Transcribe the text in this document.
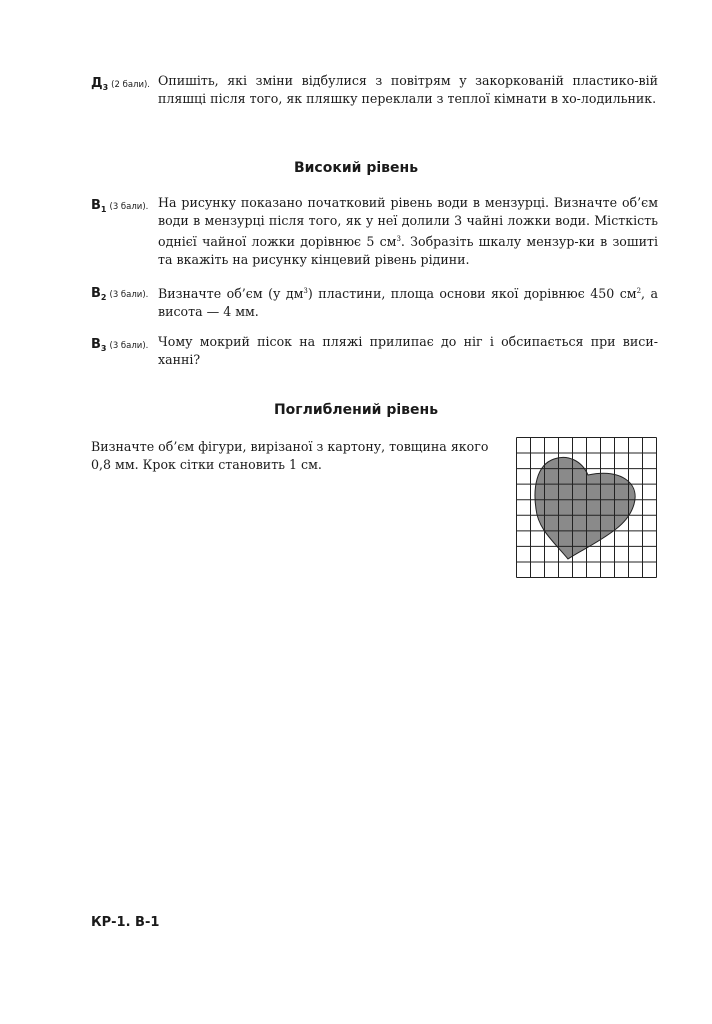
Д3 (2 бали). Опишіть, які зміни відбулися з повітрям у закоркованій пластико-вій пляшці після того, як пляшку переклали з теплої кімнати в хо-лодильник.

Високий рівень
В1 (3 бали). На рисунку показано початковий рівень води в мензурці. Визначте об’єм води в мензурці після того, як у неї долили 3 чайні ложки води. Місткість однієї чайної ложки дорівнює 5 $см^3$. Зобразіть шкалу мензур-ки в зошиті та вкажіть на рисунку кінцевий рівень рідини.

В2 (3 бали). Визначте об’єм (у $дм^3$) пластини, площа основи якої дорівнює 450 $см^2$, а висота — 4 мм.

В3 (3 бали). Чому мокрий пісок на пляжі прилипає до ніг і обсипається при виси-ханні?

Поглиблений рівень

Визначте об’єм фігури, вирізаної з картону, товщина якого 0,8 мм. Крок сітки становить 1 см.

КР-1. В-1
